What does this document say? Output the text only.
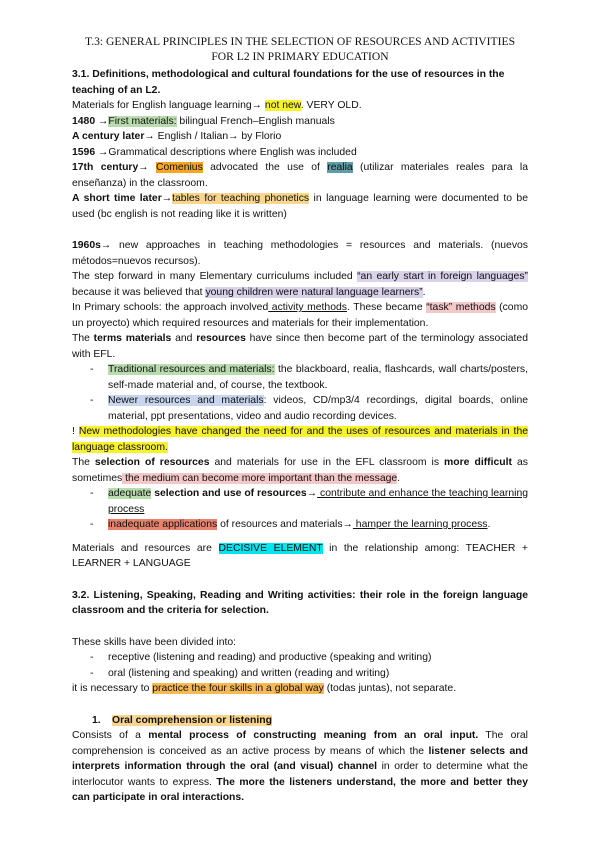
T.3: GENERAL PRINCIPLES IN THE SELECTION OF RESOURCES AND ACTIVITIES
FOR L2 IN PRIMARY EDUCATION

3.1. Definitions, methodological and cultural foundations for the use of resources in the teaching of an L2.

Materials for English language learning→ not new. VERY OLD.

1480 →First materials: bilingual French–English manuals

A century later→ English / Italian→ by Florio

1596 →Grammatical descriptions where English was included

17th century→ Comenius advocated the use of realia (utilizar materiales reales para la enseñanza) in the classroom.

A short time later→tables for teaching phonetics in language learning were documented to be used (bc english is not reading like it is written)

1960s→ new approaches in teaching methodologies = resources and materials. (nuevos métodos=nuevos recursos).

The step forward in many Elementary curriculums included “an early start in foreign languages” because it was believed that young children were natural language learners”.

In Primary schools: the approach involved activity methods. These became “task” methods (como un proyecto) which required resources and materials for their implementation.

The terms materials and resources have since then become part of the terminology associated with EFL.

- Traditional resources and materials: the blackboard, realia, flashcards, wall charts/posters, self-made material and, of course, the textbook.
- Newer resources and materials: videos, CD/mp3/4 recordings, digital boards, online material, ppt presentations, video and audio recording devices.

! New methodologies have changed the need for and the uses of resources and materials in the language classroom.

The selection of resources and materials for use in the EFL classroom is more difficult as sometimes the medium can become more important than the message.

- adequate selection and use of resources→ contribute and enhance the teaching learning process
- inadequate applications of resources and materials→ hamper the learning process.

Materials and resources are DECISIVE ELEMENT in the relationship among: TEACHER + LEARNER + LANGUAGE

3.2. Listening, Speaking, Reading and Writing activities: their role in the foreign language classroom and the criteria for selection.

These skills have been divided into:

- receptive (listening and reading) and productive (speaking and writing)
- oral (listening and speaking) and written (reading and writing)

it is necessary to practice the four skills in a global way (todas juntas), not separate.

1. Oral comprehension or listening

Consists of a mental process of constructing meaning from an oral input. The oral comprehension is conceived as an active process by means of which the listener selects and interprets information through the oral (and visual) channel in order to determine what the interlocutor wants to express. The more the listeners understand, the more and better they can participate in oral interactions.
